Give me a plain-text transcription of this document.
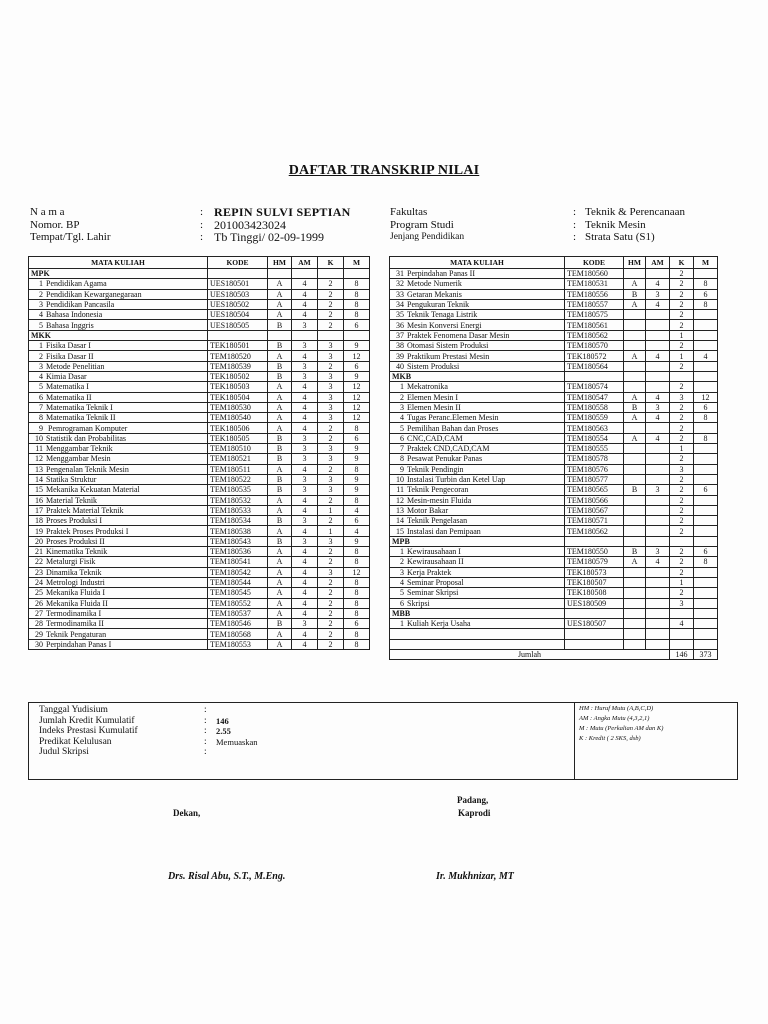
DAFTAR TRANSKRIP NILAI
N a m a	: REPIN SULVI SEPTIAN
Nomor. BP	: 201003423024
Tempat/Tgl. Lahir	: Tb Tinggi/ 02-09-1999
Fakultas	: Teknik & Perencanaan
Program Studi	: Teknik Mesin
Jenjang Pendidikan	: Strata Satu (S1)
MATA KULIAH	KODE	HM	AM	K	M
MPK					
1 Pendidikan Agama	UES180501	A	4	2	8
2 Pendidikan Kewarganegaraan	UES180503	A	4	2	8
3 Pendidikan Pancasila	UES180502	A	4	2	8
4 Bahasa Indonesia	UES180504	A	4	2	8
5 Bahasa Inggris	UES180505	B	3	2	6
MKK					
1 Fisika Dasar I	TEK180501	B	3	3	9
2 Fisika Dasar II	TEM180520	A	4	3	12
3 Metode Penelitian	TEM180539	B	3	2	6
4 Kimia Dasar	TEK180502	B	3	3	9
5 Matematika I	TEK180503	A	4	3	12
6 Matematika II	TEK180504	A	4	3	12
7 Matematika Teknik I	TEM180530	A	4	3	12
8 Matematika Teknik II	TEM180540	A	4	3	12
9 Pemrograman Komputer	TEK180506	A	4	2	8
10 Statistik dan Probabilitas	TEK180505	B	3	2	6
11 Menggambar Teknik	TEM180510	B	3	3	9
12 Menggambar Mesin	TEM180521	B	3	3	9
13 Pengenalan Teknik Mesin	TEM180511	A	4	2	8
14 Statika Struktur	TEM180522	B	3	3	9
15 Mekanika Kekuatan Material	TEM180535	B	3	3	9
16 Material Teknik	TEM180532	A	4	2	8
17 Praktek Material Teknik	TEM180533	A	4	1	4
18 Proses Produksi I	TEM180534	B	3	2	6
19 Praktek Proses Produksi I	TEM180538	A	4	1	4
20 Proses Produksi II	TEM180543	B	3	3	9
21 Kinematika Teknik	TEM180536	A	4	2	8
22 Metalurgi Fisik	TEM180541	A	4	2	8
23 Dinamika Teknik	TEM180542	A	4	3	12
24 Metrologi Industri	TEM180544	A	4	2	8
25 Mekanika Fluida I	TEM180545	A	4	2	8
26 Mekanika Fluida II	TEM180552	A	4	2	8
27 Termodinamika I	TEM180537	A	4	2	8
28 Termodinamika II	TEM180546	B	3	2	6
29 Teknik Pengaturan	TEM180568	A	4	2	8
30 Perpindahan Panas I	TEM180553	A	4	2	8
MATA KULIAH	KODE	HM	AM	K	M
31 Perpindahan Panas II	TEM180560			2	
32 Metode Numerik	TEM180531	A	4	2	8
33 Getaran Mekanis	TEM180556	B	3	2	6
34 Pengukuran Teknik	TEM180557	A	4	2	8
35 Teknik Tenaga Listrik	TEM180575			2	
36 Mesin Konversi Energi	TEM180561			2	
37 Praktek Fenomena Dasar Mesin	TEM180562			1	
38 Otomasi Sistem Produksi	TEM180570			2	
39 Praktikum Prestasi Mesin	TEK180572	A	4	1	4
40 Sistem Produksi	TEM180564			2	
MKB					
1 Mekatronika	TEM180574			2	
2 Elemen Mesin I	TEM180547	A	4	3	12
3 Elemen Mesin II	TEM180558	B	3	2	6
4 Tugas Peranc.Elemen Mesin	TEM180559	A	4	2	8
5 Pemilihan Bahan dan Proses	TEM180563			2	
6 CNC,CAD,CAM	TEM180554	A	4	2	8
7 Praktek CND,CAD,CAM	TEM180555			1	
8 Pesawat Penukar Panas	TEM180578			2	
9 Teknik Pendingin	TEM180576			3	
10 Instalasi Turbin dan Ketel Uap	TEM180577			2	
11 Teknik Pengecoran	TEM180565	B	3	2	6
12 Mesin-mesin Fluida	TEM180566			2	
13 Motor Bakar	TEM180567			2	
14 Teknik Pengelasan	TEM180571			2	
15 Instalasi dan Pemipaan	TEM180562			2	
MPB					
1 Kewirausahaan I	TEM180550	B	3	2	6
2 Kewirausahaan II	TEM180579	A	4	2	8
3 Kerja Praktek	TEK180573			2	
4 Seminar Proposal	TEK180507			1	
5 Seminar Skripsi	TEK180508			2	
6 Skripsi	UES180509			3	
MBB					
1 Kuliah Kerja Usaha	UES180507			4	

Jumlah				146	373
Tanggal Yudisium	:
Jumlah Kredit Kumulatif	:	146
Indeks Prestasi Kumulatif	:	2.55
Predikat Kelulusan	:	Memuaskan
Judul Skripsi	:
HM : Huruf Mutu (A,B,C,D)
AM : Angka Mutu (4,3,2,1)
M : Mutu (Perkalian AM dan K)
K : Kredit ( 2 SKS, dsb)
Padang,
Dekan,	Kaprodi
Drs. Risal Abu, S.T., M.Eng.	Ir. Mukhnizar, MT
